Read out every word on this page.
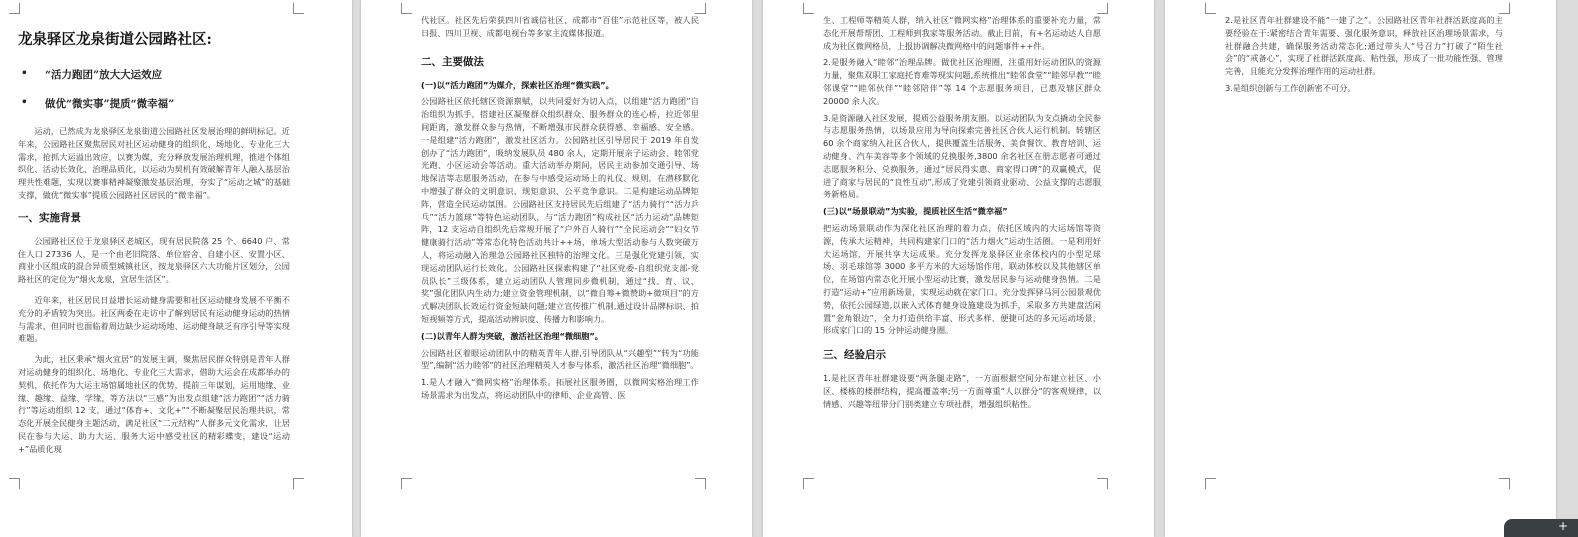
龙泉驿区龙泉街道公园路社区:
•	“活力跑团”放大大运效应
•	做优“微实事”提质“微幸福”

运动，已然成为龙泉驿区龙泉街道公园路社区发展治理的鲜明标记。近年来，公园路社区聚焦居民对社区运动健身的组织化、场地化、专业化三大需求，抢抓大运溢出效应，以赛为媒，充分释放发展治理机理，推进个体组织化、活动长效化、治理品质化，以运动为契机有效破解青年人融入基层治理共性难题，实现以赛事精神凝聚激发基层治理，夯实了“运动之城”的基础支撑，做优“微实事”提质公园路社区居民的“微幸福”。

一、实施背景

公园路社区位于龙泉驿区老城区，现有居民院落 25 个、6640 户、常住人口 27336 人，是一个由老旧院落、单位宿舍、自建小区、安置小区、商业小区组成的混合异质型城镇社区，按龙泉驿区六大功能片区划分，公园路社区的定位为“烟火龙泉，宜居生活区”。

近年来，社区居民日益增长运动健身需要和社区运动健身发展不平衡不充分的矛盾较为突出。社区两委在走访中了解到居民有运动健身运动的热情与需求，但同时也面临着周边缺少运动场地、运动健身缺乏有序引导等实现难题。

为此，社区秉承“烟火宜居”的发展主调，聚焦居民群众特别是青年人群对运动健身的组织化、场地化、专业化三大需求，借助大运会在成都举办的契机，依托作为大运主场馆属地社区的优势，提前三年谋划，运用地缘、业缘、趣缘、益缘、学缘，等方法以“三感”为出发点组建“活力跑团”“活力骑行”等运动组织 12 支，通过“体育+、文化+”“不断凝聚居民治理共识，常态化开展全民健身主题活动，满足社区“二元结构”人群多元文化需求，让居民在参与大运、助力大运、服务大运中感受社区的精彩蝶变，建设“运动+”品质化现

代社区。社区先后荣获四川省诚信社区、成都市“百佳”示范社区等，被人民日报、四川卫视、成都电视台等多家主流媒体报道。

二、主要做法
(一)以“活力跑团”为媒介，探索社区治理“微实践”。

公园路社区依托辖区资源禀赋，以共同爱好为切入点，以组建“活力跑团”自治组织为抓手，搭建社区凝聚群众组织群众、服务群众的连心桥，拉近邻里间距离，激发群众参与热情，不断增强市民群众获得感、幸福感、安全感。一是组建“活力跑团”，激发社区活力。公园路社区引导居民于 2019 年自发创办了“活力跑团”，吸纳发展队员 480 余人，定期开展亲子运动会、睦邻党光跑、小区运动会等活动。重大活动举办期间，居民主动参加交通引导、场地保洁等志愿服务活动，在参与中感受运动场上的礼仪、规则，在潜移默化中增强了群众的文明意识、规矩意识、公平竞争意识。二是构建运动品牌矩阵，营造全民运动氛围。公园路社区支持居民先后组建了“活力骑行”“活力乒乓”“活力篮球”等特色运动团队，与“活力跑团”构成社区“活力运动”品牌矩阵，12 支运动自组织先后常规开展了“户外百人骑行”“全民运动会”“妇女节健康骑行活动”等常态化特色活动共计++场，单场大型活动参与人数突破万人，将运动融入治理急公园路社区独特的治理文化。三是强化党建引领，实现运动团队运行长效化。公园路社区探索构建了“社区党委-自组织党支部-党员队长”三级体系，建立运动团队人管理同步微机制，通过“找、育、议、奖”强化团队内生动力;建立资金管理机制，以“微自筹+微赞助+微项目”的方式解决团队长效运行资金短缺问题;建立宣传推广机制,通过设计品牌标识、拍短视频等方式，提高活动辨识度、传播力和影响力。

(二)以青年人群为突破，激活社区治理“微细胞”。

公园路社区着眼运动团队中的精英青年人群,引导团队从“兴趣型”“转为“功能型”,编制“活力睦邻”的社区治理精英人才参与体系，激活社区治理“微细胞”。

1.是人才融入“微网实格”治理体系。拓展社区服务圈，以微网实格治理工作场景需求为出发点，将运动团队中的律师、企业高管、医

生、工程师等精英人群，纳入社区“微网实格”治理体系的重要补充力量，常态化开展帮帮团、工程师到我家等服务活动。截止目前，有+名运动达人自愿成为社区微网格员，上报协调解决微网格中的问题事件++件。

2.是服务融入“睦邻”治理品牌。做优社区治理圈，注重用好运动团队的资源力量，聚焦双职工家庭托育难等现实问题,系统推出“睦邻食堂”“睦邻早教”“睦邻课堂”“睦邻伙伴”“睦邻陪伴”等 14 个志愿服务项目，已惠及辖区群众 20000 余人次。

3.是资源融入社区发展，提质公益服务朋友圈。以运动团队为支点撬动全民参与志愿服务热情，以场景应用为导向探索完善社区合伙人运行机制。转辖区 60 余个商家纳入社区合伙人，提供覆盖生活服务、美食餐饮、教育培训、运动健身、汽车美容等多个领域的兑换服务,3800 余名社区在册志愿者可通过志愿服务积分、兑换服务，通过“居民得实惠、商家得口碑”的双赢模式，促进了商家与居民的“良性互动”,形成了党建引领商业驱动、公益支撑的志愿服务新格局。

(三)以“场景联动”为实验，提质社区生活“微幸福”

把运动场景联动作为深化社区治理的着力点，依托区域内的大运场馆等资源，传承大运精神，共同构建家门口的“活力烟火”运动生活圈。一是利用好大运场馆，开展共享大运成果。充分发挥龙泉驿区业余体校内的小型足球场、羽毛球馆等 3000 多平方米的大运场馆作用，联动体校以及其他辖区单位，在场馆内常态化开展小型运动比赛，激发居民参与运动健身热情。二是打造“运动+”应用新场景，实现运动就在家门口。充分发挥驿马河公园景观优势，依托公园绿道,以嵌入式体育健身设施建设为抓手，采取多方共建盘活闲置“金角银边”，全力打造供给丰富、形式多样、便捷可达的多元运动场景，形成家门口的 15 分钟运动健身圈。

三、经验启示

1.是社区青年社群建设要“两条腿走路”，一方面根据空间分布建立社区、小区、楼栋的楼群结构，提高覆盖率;另一方面尊重“人以群分”的客观规律，以情感、兴趣等纽带分门别类建立专项社群，增强组织粘性。

2.是社区青年社群建设不能“一建了之”。公园路社区青年社群活跃度高的主要经验在于:紧密结合青年需要、强化服务意识，释放社区治理场景需求，与社群融合共建，确保服务活动常态化;通过带头人“号召力”打破了“陌生社会”的“戒备心”，实现了社群活跃度高、粘性强，形成了一批功能性强、管理完善，且能充分发挥治理作用的运动社群。

3.是组织创新与工作创新密不可分。

+
